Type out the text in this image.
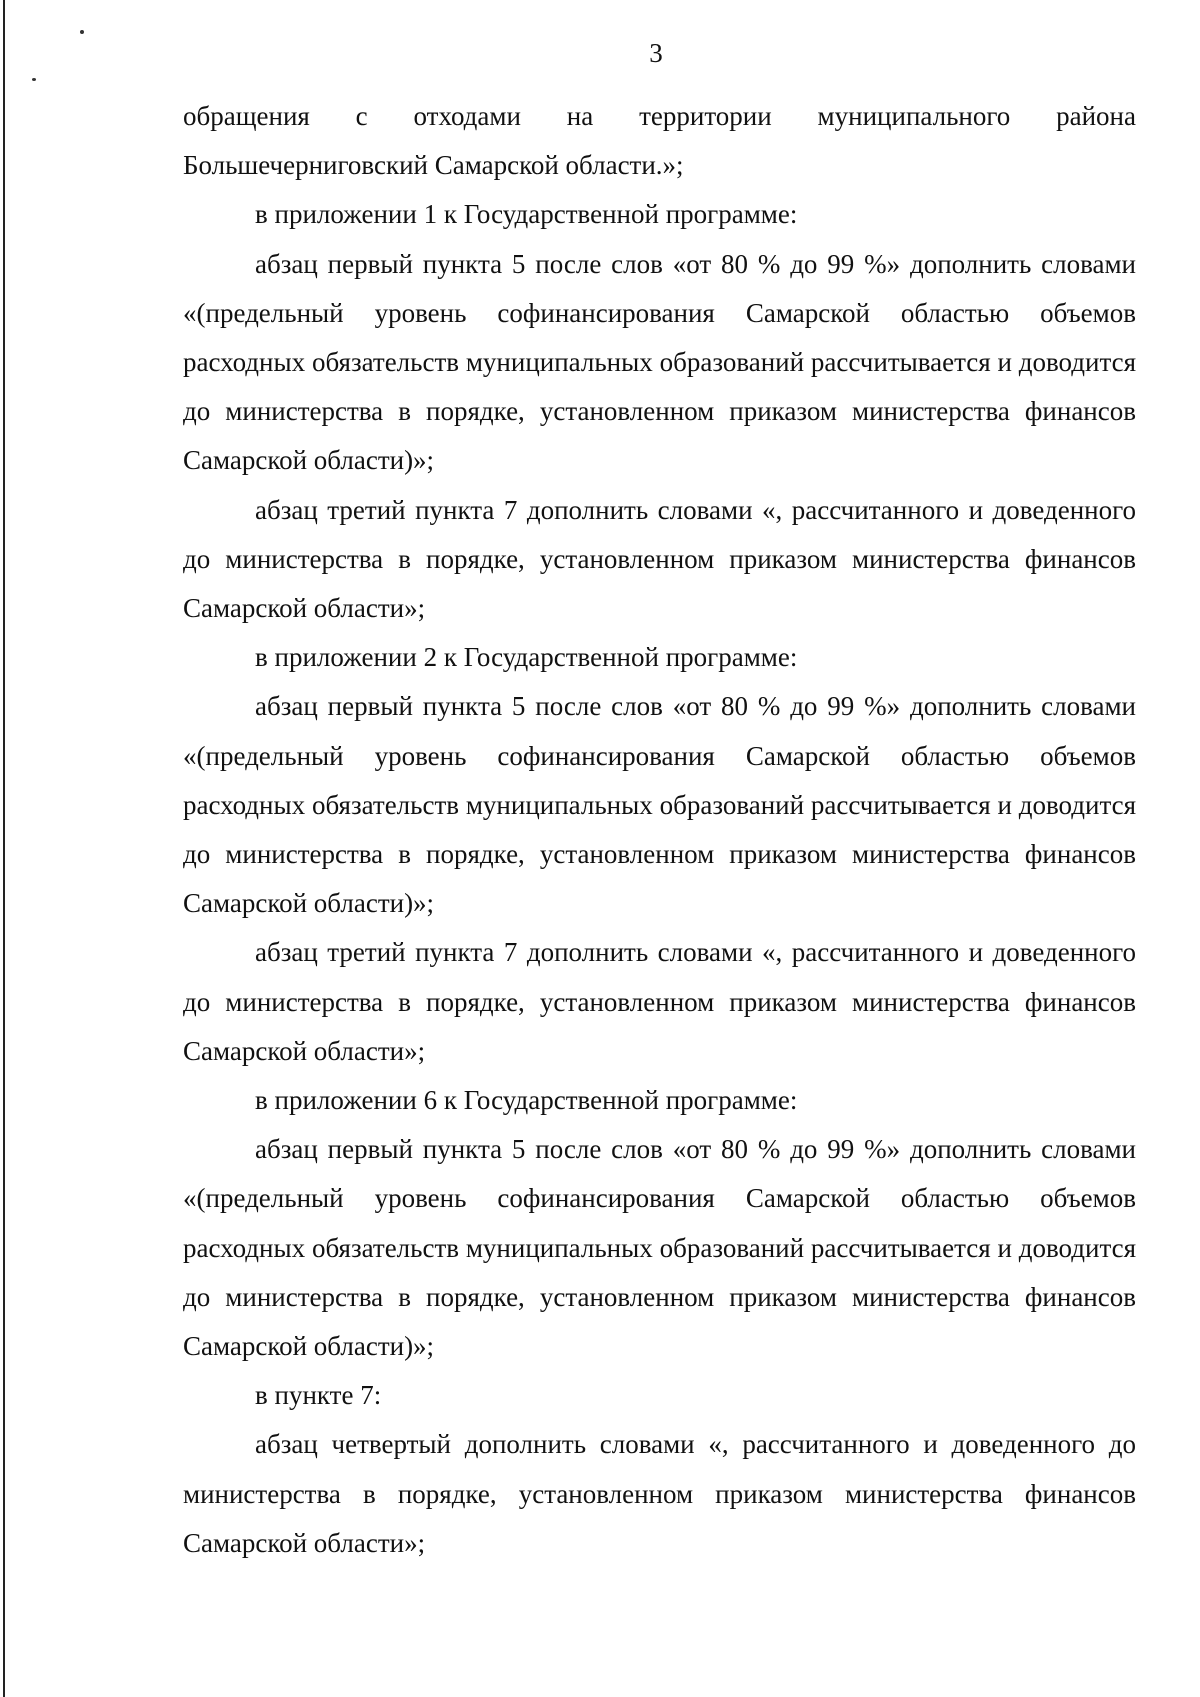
3

обращения с отходами на территории муниципального района Большечерниговский Самарской области.»;

в приложении 1 к Государственной программе:

абзац первый пункта 5 после слов «от 80 % до 99 %» дополнить словами «(предельный уровень софинансирования Самарской областью объемов расходных обязательств муниципальных образований рассчитывается и доводится до министерства в порядке, установленном приказом министерства финансов Самарской области)»;

абзац третий пункта 7 дополнить словами «, рассчитанного и доведенного до министерства в порядке, установленном приказом министерства финансов Самарской области»;

в приложении 2 к Государственной программе:

абзац первый пункта 5 после слов «от 80 % до 99 %» дополнить словами «(предельный уровень софинансирования Самарской областью объемов расходных обязательств муниципальных образований рассчитывается и доводится до министерства в порядке, установленном приказом министерства финансов Самарской области)»;

абзац третий пункта 7 дополнить словами «, рассчитанного и доведенного до министерства в порядке, установленном приказом министерства финансов Самарской области»;

в приложении 6 к Государственной программе:

абзац первый пункта 5 после слов «от 80 % до 99 %» дополнить словами «(предельный уровень софинансирования Самарской областью объемов расходных обязательств муниципальных образований рассчитывается и доводится до министерства в порядке, установленном приказом министерства финансов Самарской области)»;

в пункте 7:

абзац четвертый дополнить словами «, рассчитанного и доведенного до министерства в порядке, установленном приказом министерства финансов Самарской области»;
